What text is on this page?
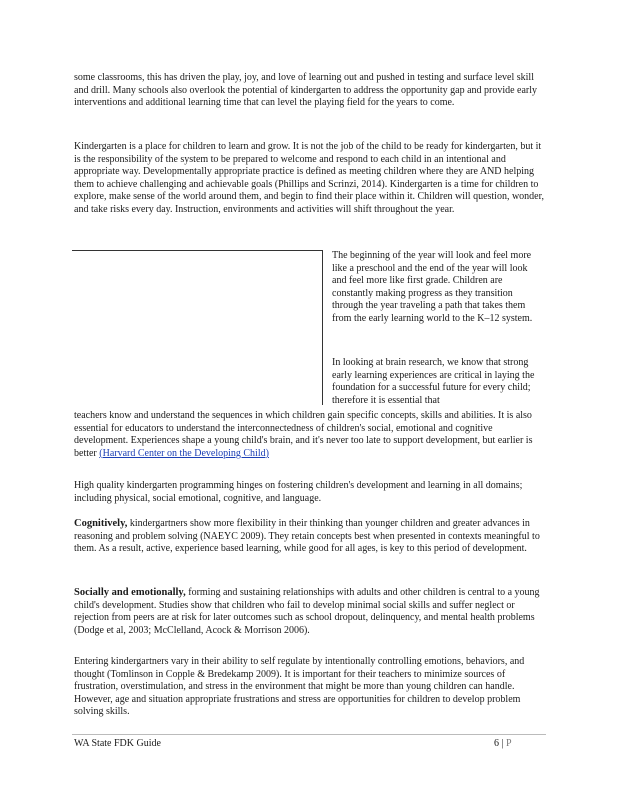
some classrooms, this has driven the play, joy, and love of learning out and pushed in testing and surface level skill and drill. Many schools also overlook the potential of kindergarten to address the opportunity gap and provide early interventions and additional learning time that can level the playing field for the years to come.

Kindergarten is a place for children to learn and grow. It is not the job of the child to be ready for kindergarten, but it is the responsibility of the system to be prepared to welcome and respond to each child in an intentional and appropriate way. Developmentally appropriate practice is defined as meeting children where they are AND helping them to achieve challenging and achievable goals (Phillips and Scrinzi, 2014). Kindergarten is a time for children to explore, make sense of the world around them, and begin to find their place within it. Children will question, wonder, and take risks every day. Instruction, environments and activities will shift throughout the year.

The beginning of the year will look and feel more like a preschool and the end of the year will look and feel more like first grade. Children are constantly making progress as they transition through the year traveling a path that takes them from the early learning world to the K–12 system.

In looking at brain research, we know that strong early learning experiences are critical in laying the foundation for a successful future for every child; therefore it is essential that

teachers know and understand the sequences in which children gain specific concepts, skills and abilities. It is also essential for educators to understand the interconnectedness of children's social, emotional and cognitive development. Experiences shape a young child's brain, and it's never too late to support development, but earlier is better (Harvard Center on the Developing Child)

High quality kindergarten programming hinges on fostering children's development and learning in all domains; including physical, social emotional, cognitive, and language.

Cognitively, kindergartners show more flexibility in their thinking than younger children and greater advances in reasoning and problem solving (NAEYC 2009). They retain concepts best when presented in contexts meaningful to them. As a result, active, experience based learning, while good for all ages, is key to this period of development.

Socially and emotionally, forming and sustaining relationships with adults and other children is central to a young child's development. Studies show that children who fail to develop minimal social skills and suffer neglect or rejection from peers are at risk for later outcomes such as school dropout, delinquency, and mental health problems (Dodge et al, 2003; McClelland, Acock & Morrison 2006).

Entering kindergartners vary in their ability to self regulate by intentionally controlling emotions, behaviors, and thought (Tomlinson in Copple & Bredekamp 2009). It is important for their teachers to minimize sources of frustration, overstimulation, and stress in the environment that might be more than young children can handle. However, age and situation appropriate frustrations and stress are opportunities for children to develop problem solving skills.

WA State FDK Guide	6 | P
